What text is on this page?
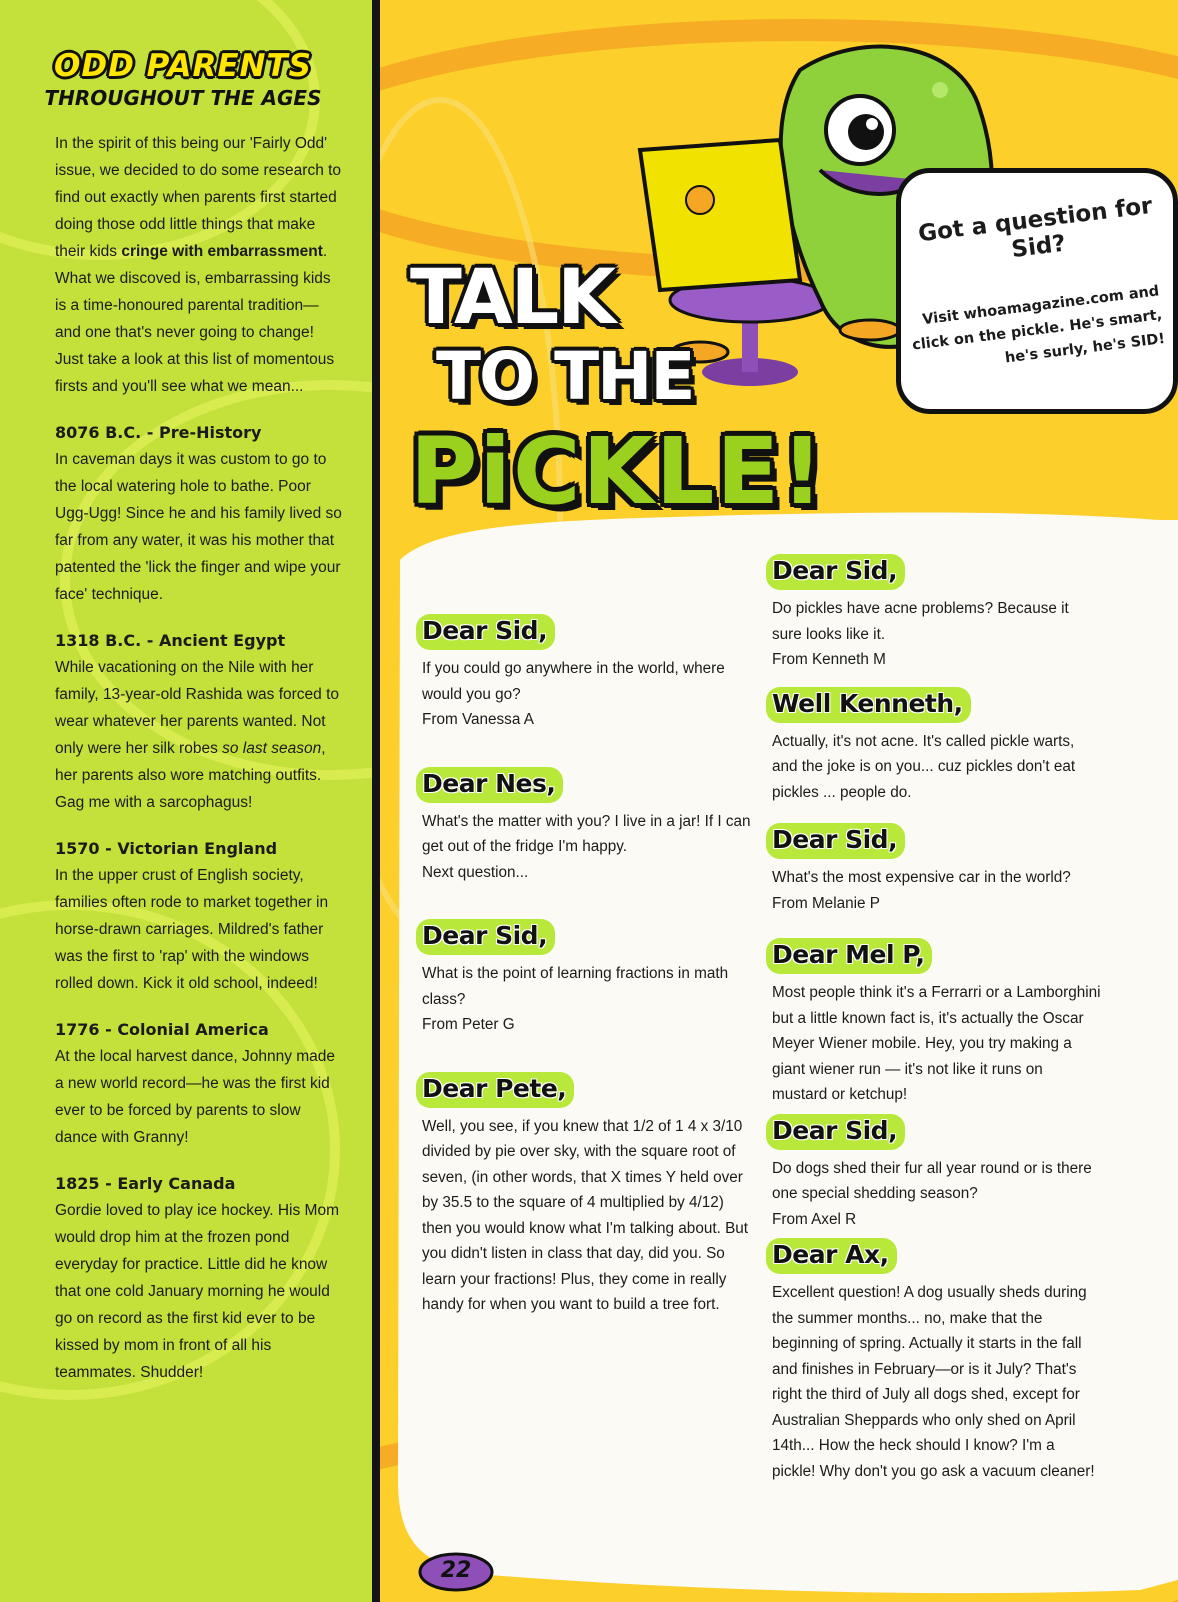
ODD PARENTS
THROUGHOUT THE AGES

In the spirit of this being our 'Fairly Odd' issue, we decided to do some research to find out exactly when parents first started doing those odd little things that make their kids cringe with embarrassment. What we discoved is, embarrassing kids is a time-honoured parental tradition—and one that's never going to change! Just take a look at this list of momentous firsts and you'll see what we mean...

8076 B.C. - Pre-History

In caveman days it was custom to go to the local watering hole to bathe. Poor Ugg-Ugg! Since he and his family lived so far from any water, it was his mother that patented the 'lick the finger and wipe your face' technique.

1318 B.C. - Ancient Egypt

While vacationing on the Nile with her family, 13-year-old Rashida was forced to wear whatever her parents wanted. Not only were her silk robes so last season, her parents also wore matching outfits. Gag me with a sarcophagus!

1570 - Victorian England

In the upper crust of English society, families often rode to market together in horse-drawn carriages. Mildred's father was the first to 'rap' with the windows rolled down. Kick it old school, indeed!

1776 - Colonial America

At the local harvest dance, Johnny made a new world record—he was the first kid ever to be forced by parents to slow dance with Granny!

1825 - Early Canada

Gordie loved to play ice hockey. His Mom would drop him at the frozen pond everyday for practice. Little did he know that one cold January morning he would go on record as the first kid ever to be kissed by mom in front of all his teammates. Shudder!

TALK
TO THE
PiCKLE!
Got a question for Sid?
Visit whoamagazine.com and click on the pickle. He's smart, he's surly, he's SID!
Dear Sid,

If you could go anywhere in the world, where would you go?

From Vanessa A

Dear Nes,

What's the matter with you? I live in a jar! If I can get out of the fridge I'm happy.

Next question...

Dear Sid,

What is the point of learning fractions in math class?

From Peter G

Dear Pete,

Well, you see, if you knew that 1/2 of 1 4 x 3/10 divided by pie over sky, with the square root of seven, (in other words, that X times Y held over by 35.5 to the square of 4 multiplied by 4/12) then you would know what I'm talking about. But you didn't listen in class that day, did you. So learn your fractions! Plus, they come in really handy for when you want to build a tree fort.

Dear Sid,

Do pickles have acne problems? Because it sure looks like it.

From Kenneth M

Well Kenneth,

Actually, it's not acne. It's called pickle warts, and the joke is on you... cuz pickles don't eat pickles ... people do.

Dear Sid,

What's the most expensive car in the world?

From Melanie P

Dear Mel P,

Most people think it's a Ferrarri or a Lamborghini but a little known fact is, it's actually the Oscar Meyer Wiener mobile. Hey, you try making a giant wiener run — it's not like it runs on mustard or ketchup!

Dear Sid,

Do dogs shed their fur all year round or is there one special shedding season?

From Axel R

Dear Ax,

Excellent question! A dog usually sheds during the summer months... no, make that the beginning of spring. Actually it starts in the fall and finishes in February—or is it July? That's right the third of July all dogs shed, except for Australian Sheppards who only shed on April 14th... How the heck should I know? I'm a pickle! Why don't you go ask a vacuum cleaner!

22
